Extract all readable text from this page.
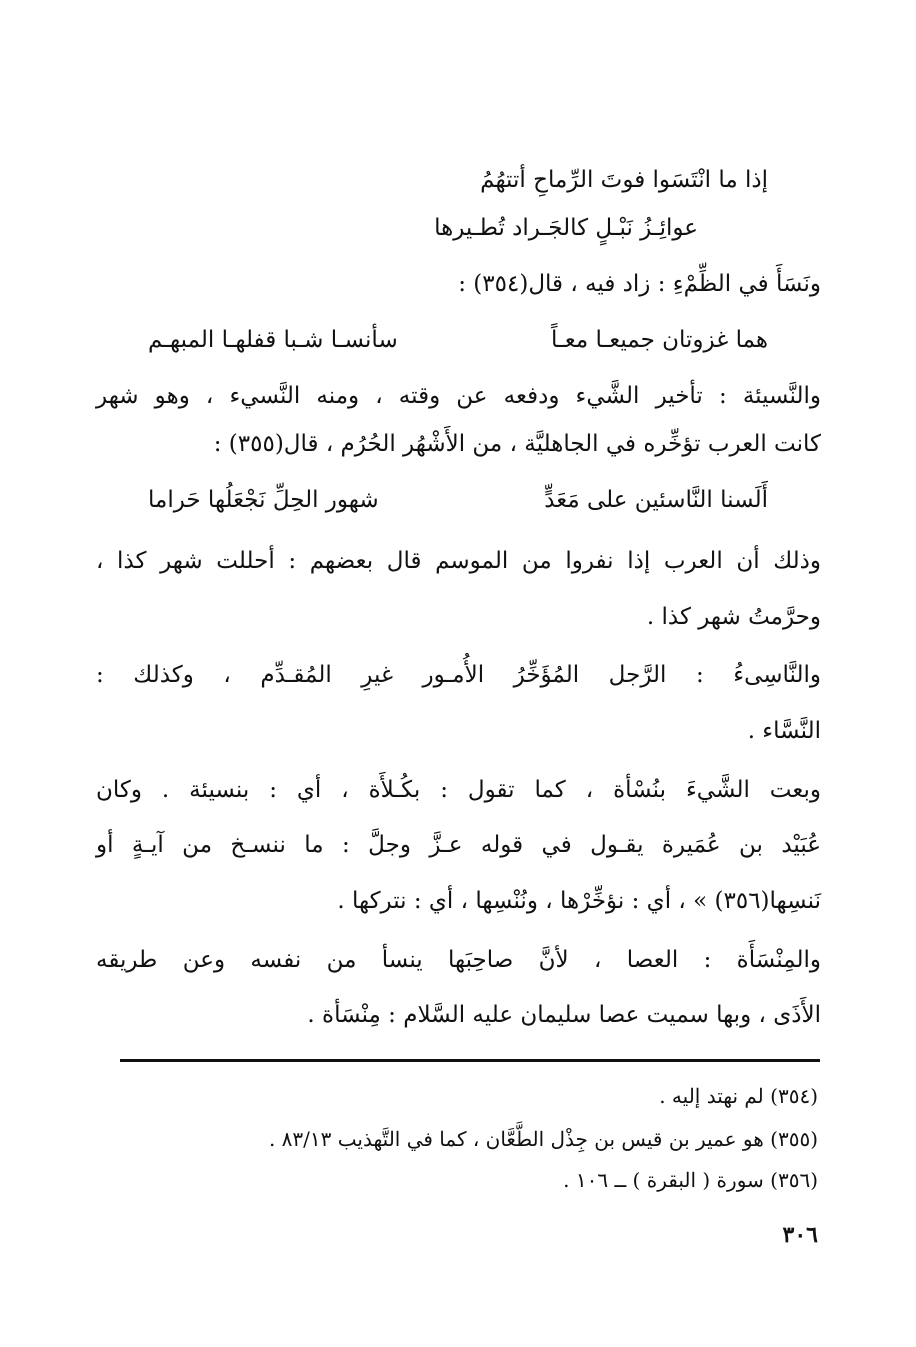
إذا ما انْتَسَوا فوتَ الرِّماحِ أتتهُمُ
عوائِـزُ نَبْـلٍ كالجَـراد تُطـيرها
ونَسَأَ في الظِّمْءِ : زاد فيه ، قال(٣٥٤) :
هما غزوتان جميعـا معـاً
سأنسـا شـبا قفلهـا المبهـم
والنَّسيئة : تأخير الشَّيء ودفعه عن وقته ، ومنه النَّسيء ، وهو شهر
كانت العرب تؤخِّره في الجاهليَّة ، من الأَشْهُر الحُرُم ، قال(٣٥٥) :
أَلَسنا النَّاسئين على مَعَدٍّ
شهور الحِلِّ نَجْعَلُها حَراما
وذلك أن العرب إذا نفروا من الموسم قال بعضهم : أحللت شهر كذا ،
وحرَّمتُ شهر كذا .
والنَّاسِىءُ : الرَّجل المُؤَخِّرُ الأُمـور غيرِ المُقـدِّم ، وكذلك :
النَّسَّاء .
وبعت الشَّيءَ بنُسْأة ، كما تقول : بكُـلأَة ، أي : بنسيئة . وكان
عُبَيْد بن عُمَيرة يقـول في قوله عـزَّ وجلَّ : ما ننسـخ من آيـةٍ أو
نَنسِها(٣٥٦) » ، أي : نؤخِّرْها ، ونُنْسِها ، أي : نتركها .
والمِنْسَأَة : العصا ، لأنَّ صاحِبَها ينسأ من نفسه وعن طريقه
الأَذَى ، وبها سميت عصا سليمان عليه السَّلام : مِنْسَأة .
(٣٥٤) لم نهتد إليه .
(٣٥٥) هو عمير بن قيس بن جِذْل الطَّعَّان ، كما في التَّهذيب ٨٣/١٣ .
(٣٥٦) سورة ( البقرة ) ــ ١٠٦ .
٣٠٦
